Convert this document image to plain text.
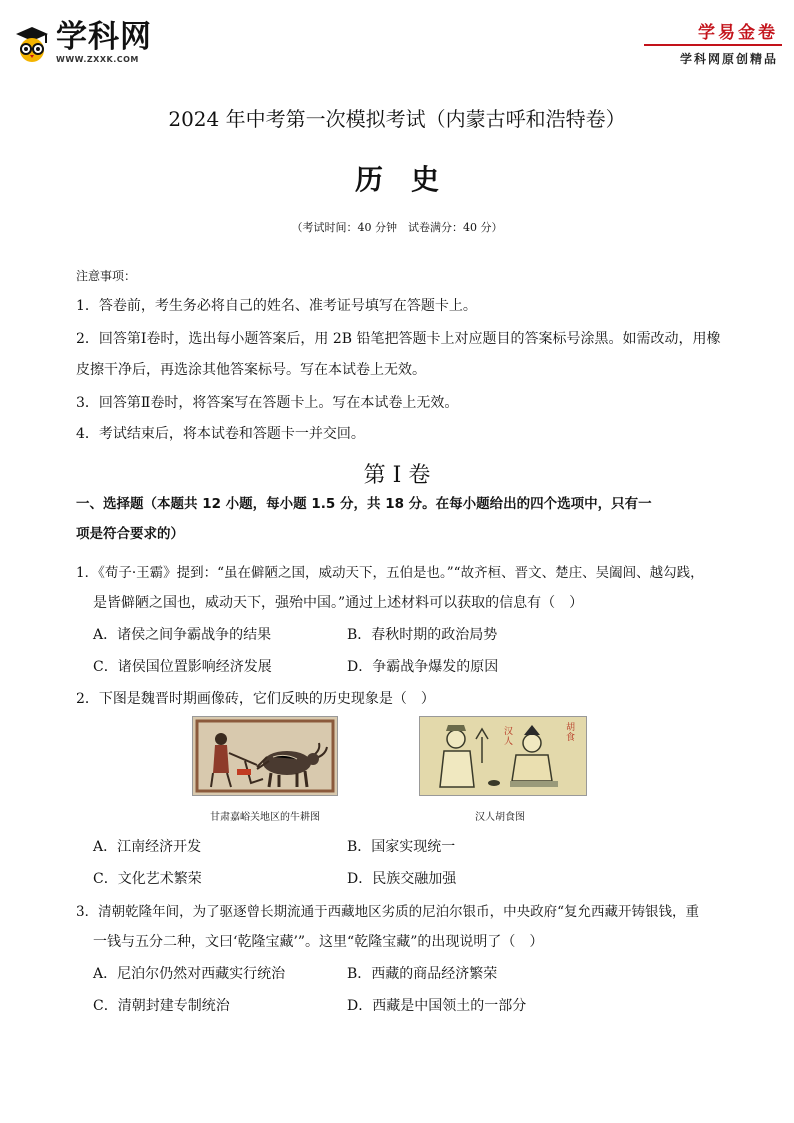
学科网
WWW.ZXXK.COM
学易金卷
学科网原创精品
2024 年中考第一次模拟考试（内蒙古呼和浩特卷）
历史
（考试时间：40 分钟　试卷满分：40 分）
注意事项：
1．答卷前，考生务必将自己的姓名、准考证号填写在答题卡上。
2．回答第Ⅰ卷时，选出每小题答案后，用 2B 铅笔把答题卡上对应题目的答案标号涂黑。如需改动，用橡
皮擦干净后，再选涂其他答案标号。写在本试卷上无效。
3．回答第Ⅱ卷时，将答案写在答题卡上。写在本试卷上无效。
4．考试结束后，将本试卷和答题卡一并交回。
第 I 卷
一、选择题（本题共 12 小题，每小题 1.5 分，共 18 分。在每小题给出的四个选项中，只有一
项是符合要求的）
1．《荀子·王霸》提到：“虽在僻陋之国，威动天下，五伯是也。”“故齐桓、晋文、楚庄、吴阖闾、越勾践，
是皆僻陋之国也，威动天下，强殆中国。”通过上述材料可以获取的信息有（　）
A．诸侯之间争霸战争的结果	B．春秋时期的政治局势
C．诸侯国位置影响经济发展	D．争霸战争爆发的原因
2．下图是魏晋时期画像砖，它们反映的历史现象是（　）
甘肃嘉峪关地区的牛耕图
胡食
汉人
汉人胡食图
A．江南经济开发	B．国家实现统一
C．文化艺术繁荣	D．民族交融加强
3．清朝乾隆年间，为了驱逐曾长期流通于西藏地区劣质的尼泊尔银币，中央政府“复允西藏开铸银钱，重
一钱与五分二种，文曰‘乾隆宝藏’”。这里“乾隆宝藏”的出现说明了（　）
A．尼泊尔仍然对西藏实行统治	B．西藏的商品经济繁荣
C．清朝封建专制统治	D．西藏是中国领土的一部分
